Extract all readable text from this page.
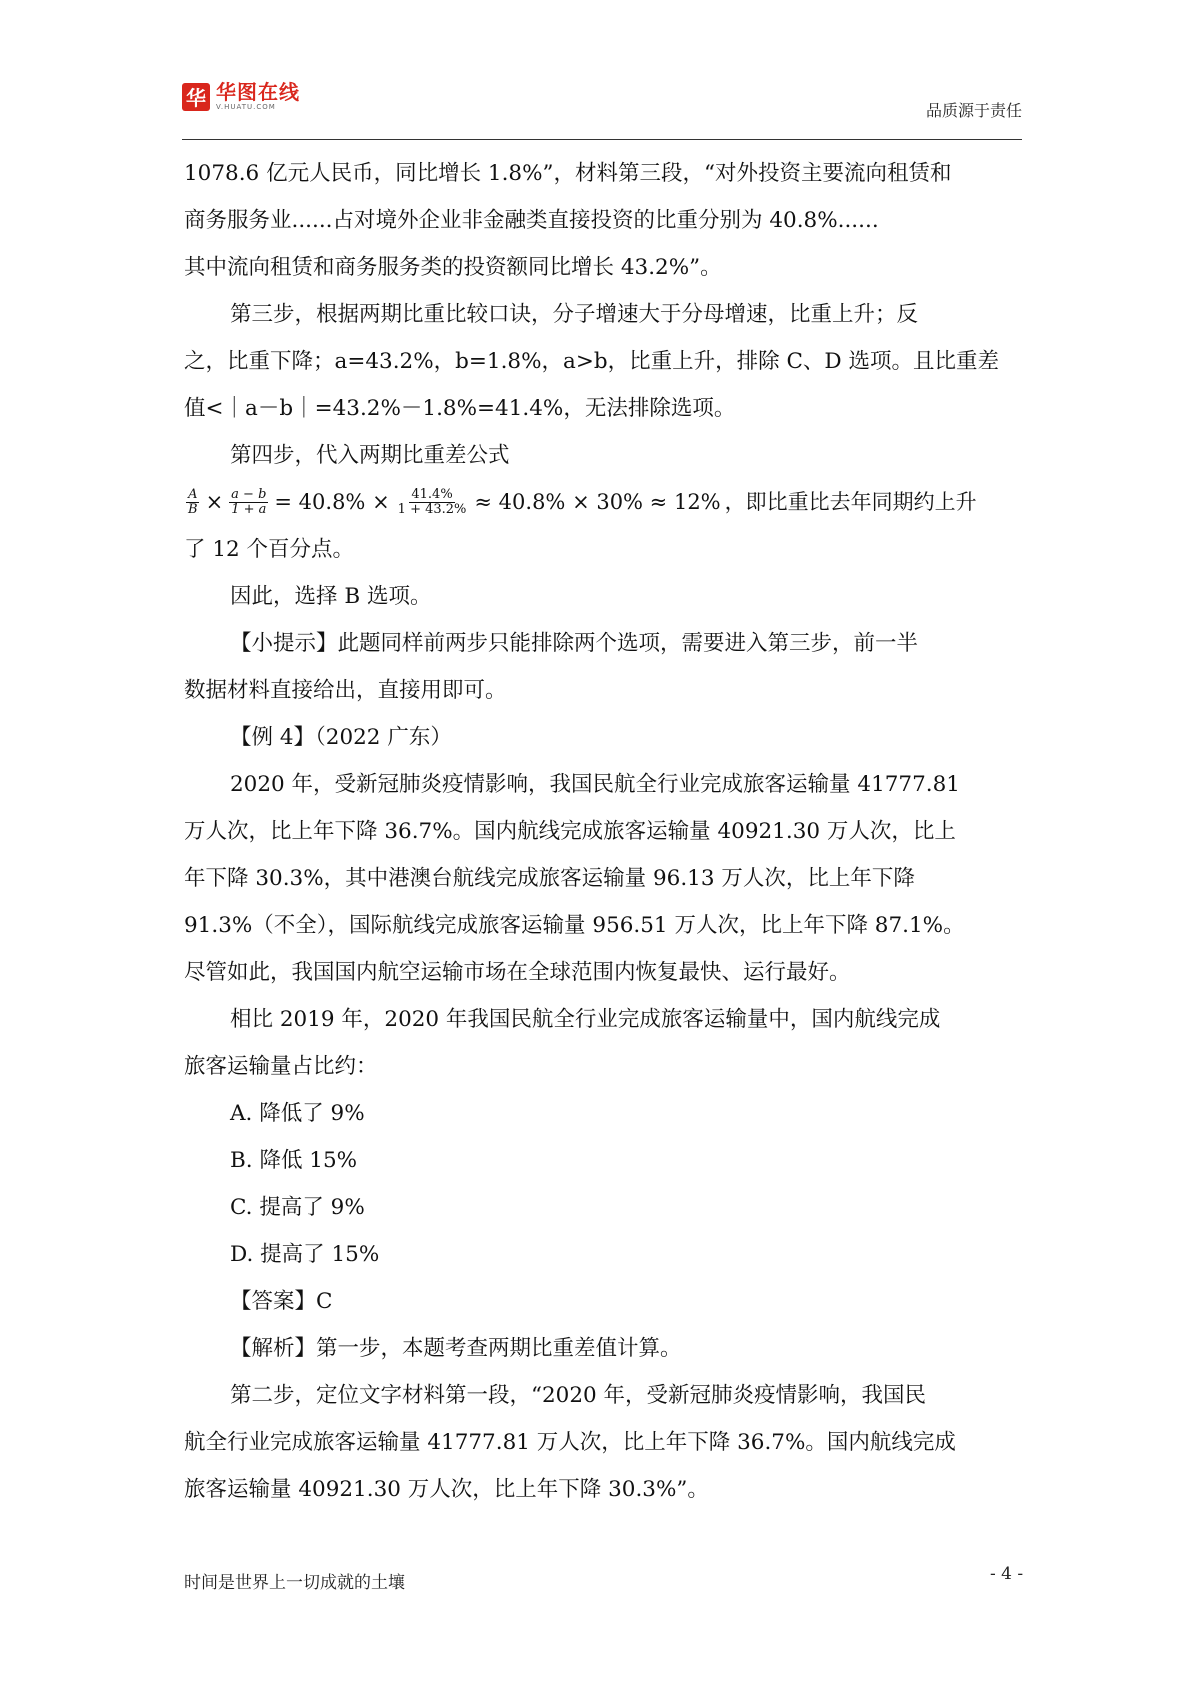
华 华图在线
V.HUATU.COM	品质源于责任

1078.6 亿元人民币，同比增长 1.8%”，材料第三段，“对外投资主要流向租赁和

商务服务业......占对境外企业非金融类直接投资的比重分别为 40.8%......

其中流向租赁和商务服务类的投资额同比增长 43.2%”。

第三步，根据两期比重比较口诀，分子增速大于分母增速，比重上升；反

之，比重下降；a=43.2%，b=1.8%，a>b，比重上升，排除 C、D 选项。且比重差

值<｜a－b｜=43.2%－1.8%=41.4%，无法排除选项。

第四步，代入两期比重差公式

$\frac{A}{B} \times \frac{a - b}{1 + a} = 40.8\% \times \frac{41.4\%}{1 + 43.2\%} \approx 40.8\% \times 30\% \approx 12\%$ ，即比重比去年同期约上升

了 12 个百分点。

因此，选择 B 选项。

【小提示】此题同样前两步只能排除两个选项，需要进入第三步，前一半

数据材料直接给出，直接用即可。

【例 4】（2022 广东）

2020 年，受新冠肺炎疫情影响，我国民航全行业完成旅客运输量 41777.81

万人次，比上年下降 36.7%。国内航线完成旅客运输量 40921.30 万人次，比上

年下降 30.3%，其中港澳台航线完成旅客运输量 96.13 万人次，比上年下降

91.3%（不全），国际航线完成旅客运输量 956.51 万人次，比上年下降 87.1%。

尽管如此，我国国内航空运输市场在全球范围内恢复最快、运行最好。

相比 2019 年，2020 年我国民航全行业完成旅客运输量中，国内航线完成

旅客运输量占比约：

A. 降低了 9%

B. 降低 15%

C. 提高了 9%

D. 提高了 15%

【答案】C

【解析】第一步，本题考查两期比重差值计算。

第二步，定位文字材料第一段，“2020 年，受新冠肺炎疫情影响，我国民

航全行业完成旅客运输量 41777.81 万人次，比上年下降 36.7%。国内航线完成

旅客运输量 40921.30 万人次，比上年下降 30.3%”。

时间是世界上一切成就的土壤	- 4 -
